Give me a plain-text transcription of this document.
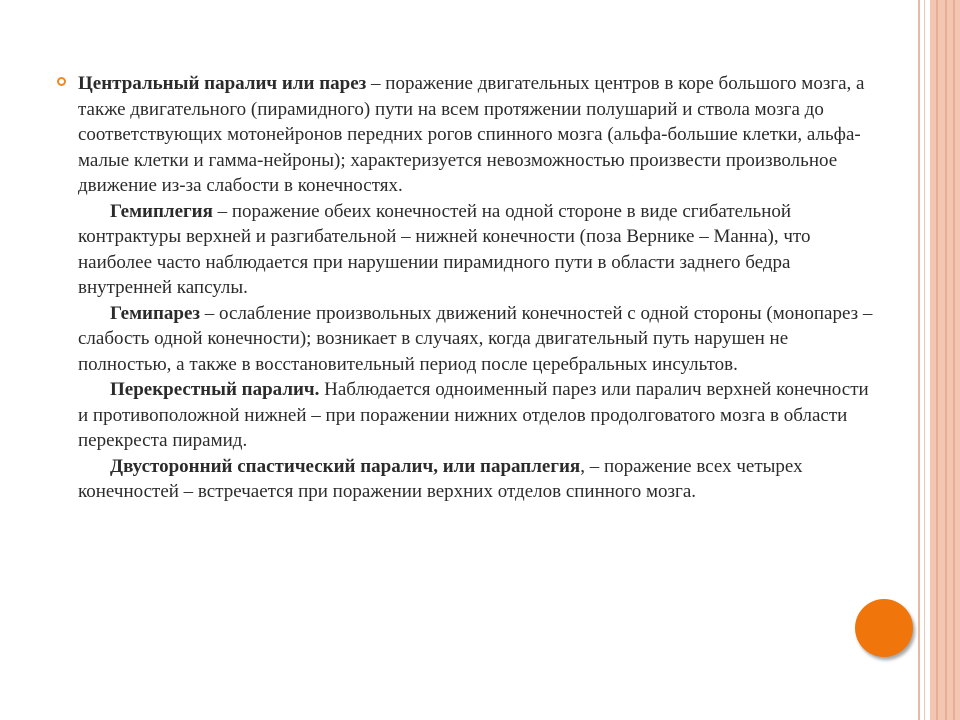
Центральный паралич или парез – поражение двигательных центров в коре большого мозга, а также двигательного (пирамидного) пути на всем протяжении полушарий и ствола мозга до соответствующих мотонейронов передних рогов спинного мозга (альфа-большие клетки, альфа-малые клетки и гамма-нейроны); характеризуется невозможностью произвести произвольное движение из-за слабости в конечностях.

Гемиплегия – поражение обеих конечностей на одной стороне в виде сгибательной контрактуры верхней и разгибательной – нижней конечности (поза Вернике – Манна), что наиболее часто наблюдается при нарушении пирамидного пути в области заднего бедра внутренней капсулы.

Гемипарез – ослабление произвольных движений конечностей с одной стороны (монопарез – слабость одной конечности); возникает в случаях, когда двигательный путь нарушен не полностью, а также в восстановительный период после церебральных инсультов.

Перекрестный паралич. Наблюдается одноименный парез или паралич верхней конечности и противоположной нижней – при поражении нижних отделов продолговатого мозга в области перекреста пирамид.

Двусторонний спастический паралич, или параплегия, – поражение всех четырех конечностей – встречается при поражении верхних отделов спинного мозга.
